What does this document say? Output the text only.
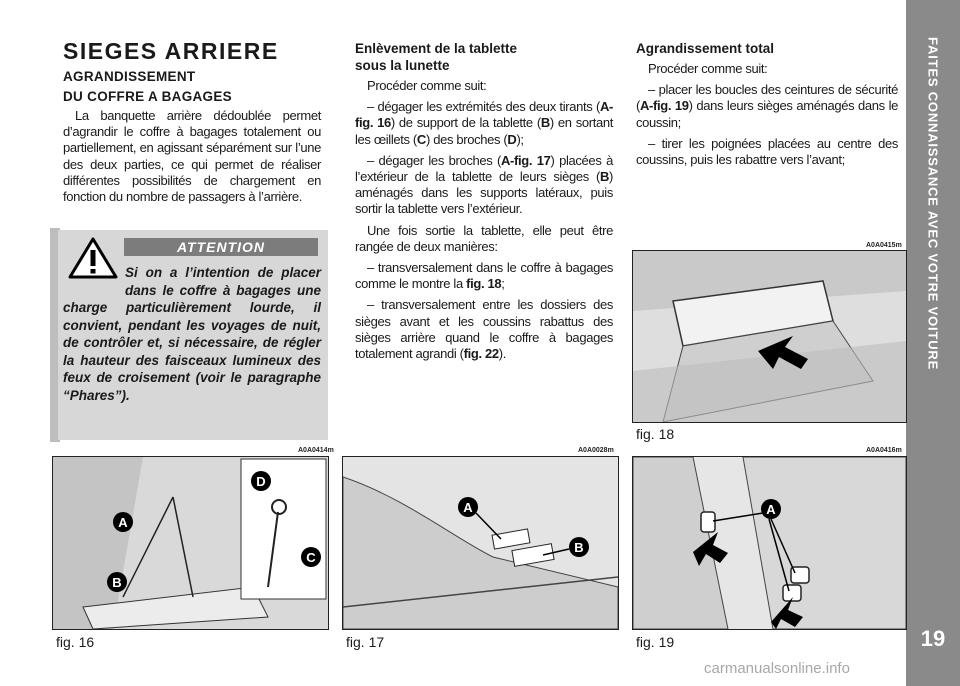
FAITES CONNAISSANCE AVEC VOTRE VOITURE
19
SIEGES ARRIERE
AGRANDISSEMENT
DU COFFRE A BAGAGES

La banquette arrière dédoublée permet d’agrandir le coffre à bagages totalement ou partiellement, en agissant séparément sur l’une des deux parties, ce qui permet de réaliser différentes possibilités de chargement en fonction du nombre de passagers à l’arrière.

ATTENTION
Si on a l’intention de placer dans le coffre à bagages une charge particulièrement lourde, il convient, pendant les voyages de nuit, de contrôler et, si nécessaire, de régler la hauteur des faisceaux lumineux des feux de croisement (voir le paragraphe “Phares”).
Enlèvement de la tablette
sous la lunette

Procéder comme suit:

– dégager les extrémités des deux tirants (A-fig. 16) de support de la tablette (B) en sortant les œillets (C) des broches (D);

– dégager les broches (A-fig. 17) placées à l’extérieur de la tablette de leurs sièges (B) aménagés dans les supports latéraux, puis sortir la tablette vers l’extérieur.

Une fois sortie la tablette, elle peut être rangée de deux manières:

– transversalement dans le coffre à bagages comme le montre la fig. 18;

– transversalement entre les dossiers des sièges avant et les coussins rabattus des sièges arrière quand le coffre à bagages totalement agrandi (fig. 22).

Agrandissement total

Procéder comme suit:

– placer les boucles des ceintures de sécurité (A-fig. 19) dans leurs sièges aménagés dans le coussin;

– tirer les poignées placées au centre des coussins, puis les rabattre vers l’avant;

A0A0415m
fig. 18
A0A0414m
A
B
C
D
fig. 16
A0A0028m
A
B
fig. 17
A0A0416m
A
fig. 19
carmanualsonline.info
